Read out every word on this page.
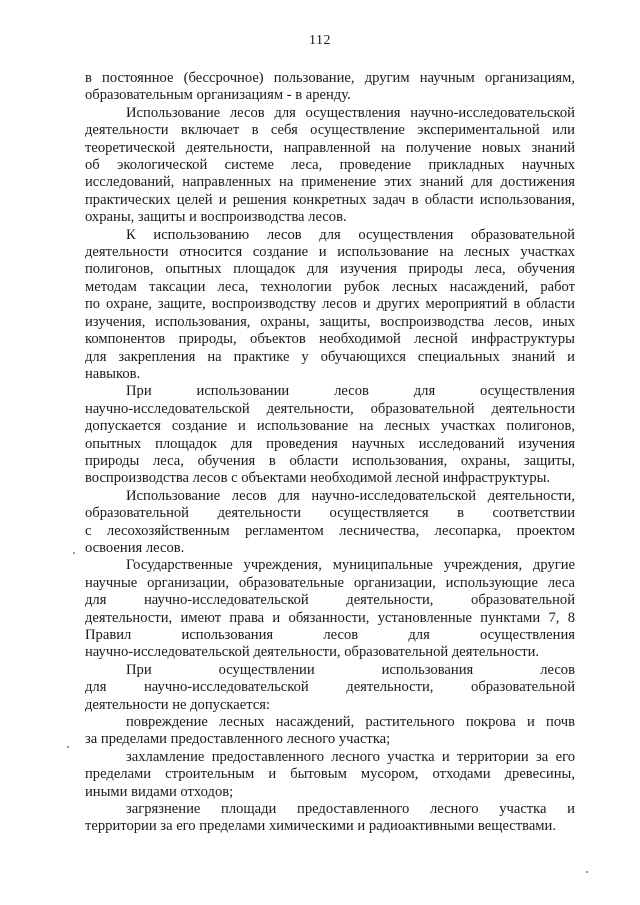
112
в постоянное (бессрочное) пользование, другим научным организациям,
образовательным организациям - в аренду.
Использование лесов для осуществления научно-исследовательской
деятельности включает в себя осуществление экспериментальной или
теоретической деятельности, направленной на получение новых знаний
об экологической системе леса, проведение прикладных научных
исследований, направленных на применение этих знаний для достижения
практических целей и решения конкретных задач в области использования,
охраны, защиты и воспроизводства лесов.
К использованию лесов для осуществления образовательной
деятельности относится создание и использование на лесных участках
полигонов, опытных площадок для изучения природы леса, обучения
методам таксации леса, технологии рубок лесных насаждений, работ
по охране, защите, воспроизводству лесов и других мероприятий в области
изучения, использования, охраны, защиты, воспроизводства лесов, иных
компонентов природы, объектов необходимой лесной инфраструктуры
для закрепления на практике у обучающихся специальных знаний и
навыков.
При использовании лесов для осуществления
научно-исследовательской деятельности, образовательной деятельности
допускается создание и использование на лесных участках полигонов,
опытных площадок для проведения научных исследований изучения
природы леса, обучения в области использования, охраны, защиты,
воспроизводства лесов с объектами необходимой лесной инфраструктуры.
Использование лесов для научно-исследовательской деятельности,
образовательной деятельности осуществляется в соответствии
с лесохозяйственным регламентом лесничества, лесопарка, проектом
освоения лесов.
Государственные учреждения, муниципальные учреждения, другие
научные организации, образовательные организации, использующие леса
для научно-исследовательской деятельности, образовательной
деятельности, имеют права и обязанности, установленные пунктами 7, 8
Правил использования лесов для осуществления
научно-исследовательской деятельности, образовательной деятельности.
При осуществлении использования лесов
для научно-исследовательской деятельности, образовательной
деятельности не допускается:
повреждение лесных насаждений, растительного покрова и почв
за пределами предоставленного лесного участка;
захламление предоставленного лесного участка и территории за его
пределами строительным и бытовым мусором, отходами древесины,
иными видами отходов;
загрязнение площади предоставленного лесного участка и
территории за его пределами химическими и радиоактивными веществами.
